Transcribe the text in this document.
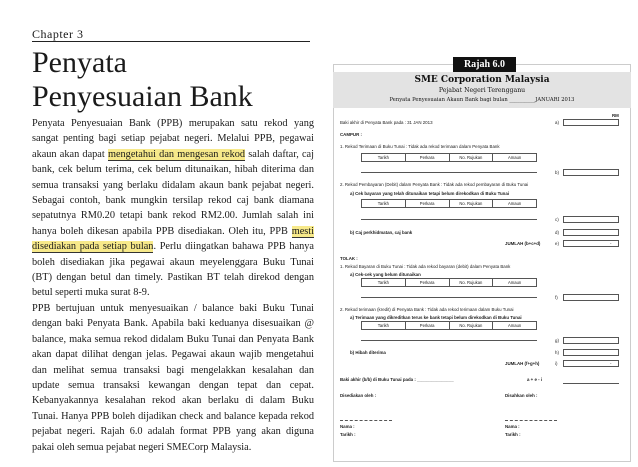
Chapter 3
Penyata
Penyesuaian Bank
Penyata Penyesuaian Bank (PPB) merupakan satu rekod yang sangat penting bagi setiap pejabat negeri. Melalui PPB, pegawai akaun akan dapat mengetahui dan mengesan rekod salah daftar, caj bank, cek belum terima, cek belum ditunaikan, hibah diterima dan semua transaksi yang berlaku didalam akaun bank pejabat negeri. Sebagai contoh, bank mungkin tersilap rekod caj bank diamana sepatutnya RM0.20 tetapi bank rekod RM2.00. Jumlah salah ini hanya boleh dikesan apabila PPB disediakan. Oleh itu, PPB mesti disediakan pada setiap bulan. Perlu diingatkan bahawa PPB hanya boleh disediakan jika pegawai akaun meyelenggara Buku Tunai (BT) dengan betul dan timely. Pastikan BT telah direkod dengan betul seperti muka surat 8-9.
PPB bertujuan untuk menyesuaikan / balance baki Buku Tunai dengan baki Penyata Bank. Apabila baki keduanya disesuaikan @ balance, maka semua rekod didalam Buku Tunai dan Penyata Bank akan dapat dilihat dengan jelas. Pegawai akaun wajib mengetahui dan melihat semua transaksi bagi mengelakkan kesalahan dan update semua transaksi kewangan dengan tepat dan cepat. Kebanyakannya kesalahan rekod akan berlaku di dalam Buku Tunai. Hanya PPB boleh dijadikan check and balance kepada rekod pejabat negeri. Rajah 6.0 adalah format PPB yang akan diguna pakai oleh semua pejabat negeri SMECorp Malaysia.
Rajah 6.0
SME Corporation Malaysia
Pejabat Negeri Terengganu
Penyata Penyesuaian Akaun Bank bagi bulan __________JANUARI 2013
RM
Baki akhir di Penyata Bank pada : 31 JAN 2013	a)
CAMPUR :
1. Rekod Terimaan di Buku Tunai : Tidak ada rekod terimaan dalam Penyata Bank
Tarikh	Perkara	No. Rujukan	Amaun
b)
2. Rekod Pembayaran (Debit) dalam Penyata Bank : Tidak ada rekod pembayaran di Buku Tunai
a) Cek bayaran yang telah ditunaikan tetapi belum direkodkan di Buku Tunai
Tarikh	Perkara	No. Rujukan	Amaun
c)
b) Caj perkhidmatan, caj bank	d)
JUMLAH (b+c+d)	e)	-
TOLAK :
1. Rekod Bayaran di Buku Tunai : Tidak ada rekod bayaran (debit) dalam Penyata Bank
a) Cek-cek yang belum ditunaikan
Tarikh	Perkara	No. Rujukan	Amaun
f)
2. Rekod terimaan (kredit) di Penyata Bank : Tidak ada rekod terimaan dalam Buku Tunai
a) Terimaan yang dikreditkan terus ke bank tetapi belum direkodkan di Buku Tunai
Tarikh	Perkara	No. Rujukan	Amaun
g)
b) Hibah diterima	h)
JUMLAH (f+g+h)	i)	-
Baki akhir (b/b) di Buku Tunai pada : _______________	a + e - i
Disediakan oleh :	Disahkan oleh :
Nama :	Nama :
Tarikh :	Tarikh :
